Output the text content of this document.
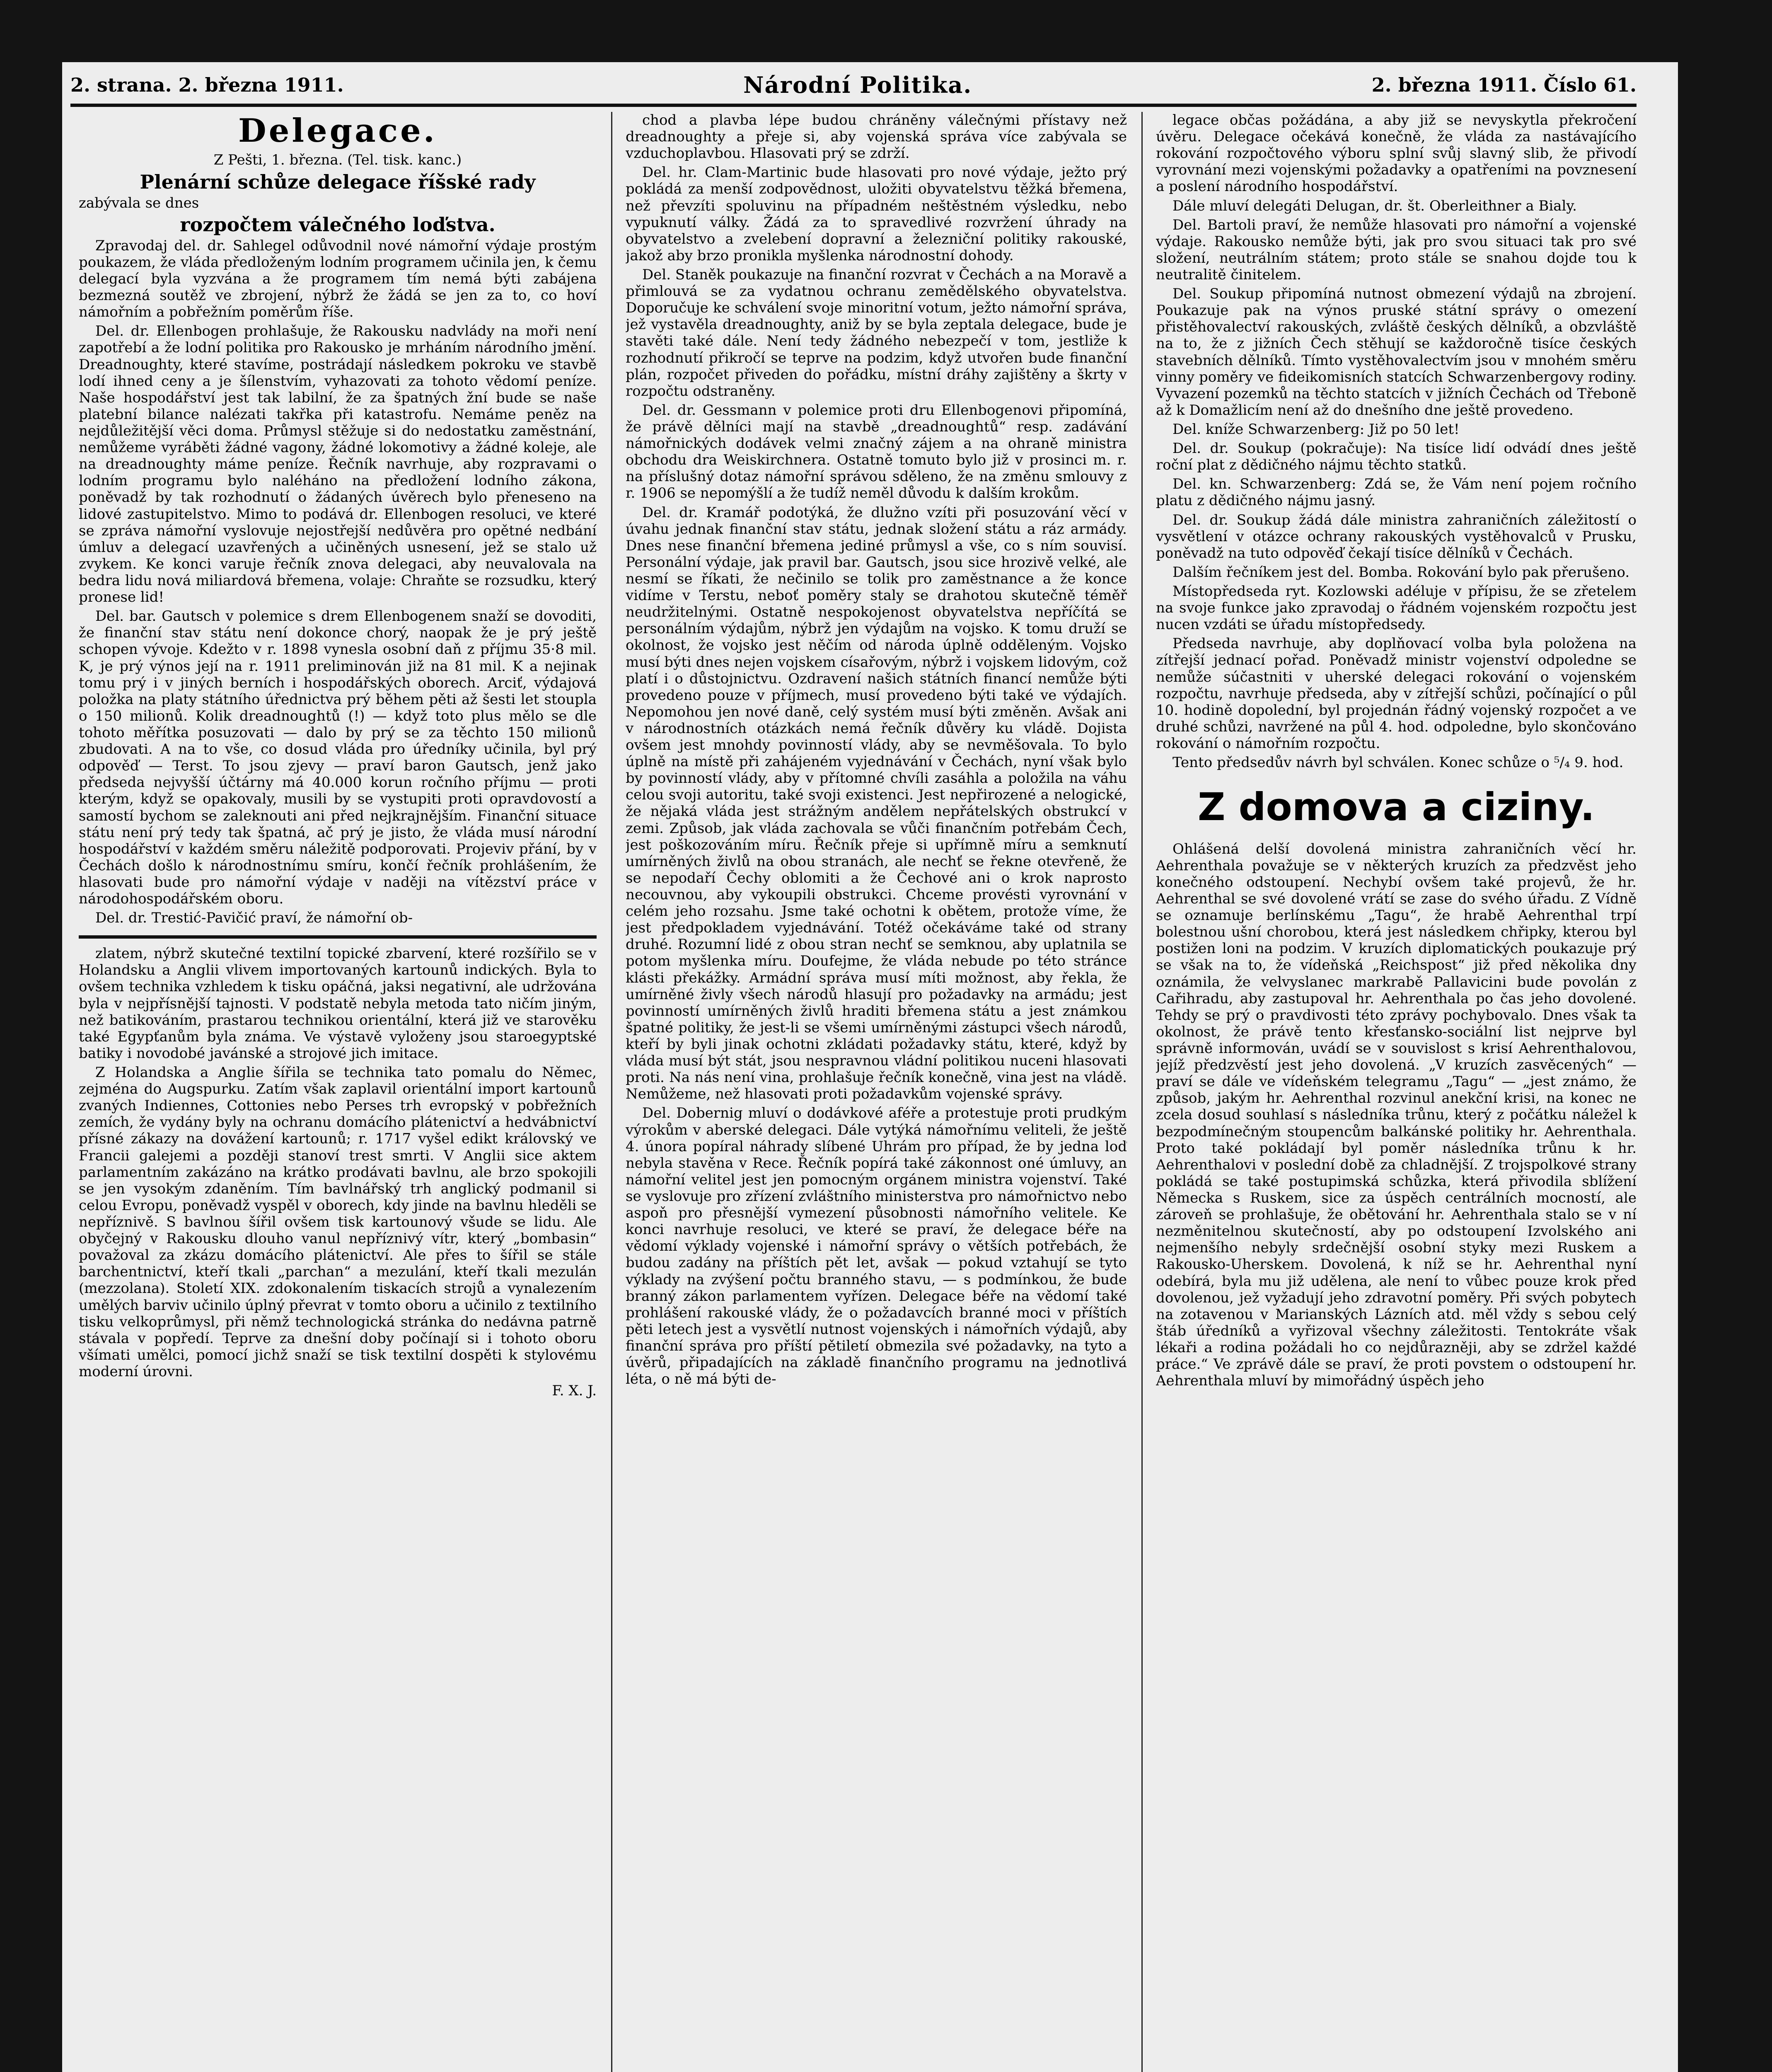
2. strana. 2. března 1911.	Národní Politika.	2. března 1911. Číslo 61.
Delegace.
Z Pešti, 1. března. (Tel. tisk. kanc.)
Plenární schůze delegace říšské rady
zabývala se dnes
rozpočtem válečného loďstva.

Zpravodaj del. dr. Sahlegel odůvodnil nové námořní výdaje prostým poukazem, že vláda předloženým lodním programem učinila jen, k čemu delegací byla vyzvána a že programem tím nemá býti zabájena bezmezná soutěž ve zbrojení, nýbrž že žádá se jen za to, co hoví námořním a pobřežním poměrům říše.

Del. dr. Ellenbogen prohlašuje, že Rakousku nadvlády na moři není zapotřebí a že lodní politika pro Rakousko je mrháním národního jmění. Dreadnoughty, které stavíme, postrádají následkem pokroku ve stavbě lodí ihned ceny a je šílenstvím, vyhazovati za tohoto vědomí peníze. Naše hospodářství jest tak labilní, že za špatných žní bude se naše platební bilance nalézati takřka při katastrofu. Nemáme peněz na nejdůležitější věci doma. Průmysl stěžuje si do nedostatku zaměstnání, nemůžeme vyráběti žádné vagony, žádné lokomotivy a žádné koleje, ale na dreadnoughty máme peníze. Řečník navrhuje, aby rozpravami o lodním programu bylo naléháno na předložení lodního zákona, poněvadž by tak rozhodnutí o žádaných úvěrech bylo přeneseno na lidové zastupitelstvo. Mimo to podává dr. Ellenbogen resoluci, ve které se zpráva námořní vyslovuje nejostřejší nedůvěra pro opětné nedbání úmluv a delegací uzavřených a učiněných usnesení, jež se stalo už zvykem. Ke konci varuje řečník znova delegaci, aby neuvalovala na bedra lidu nová miliardová břemena, volaje: Chraňte se rozsudku, který pronese lid!

Del. bar. Gautsch v polemice s drem Ellenbogenem snaží se dovoditi, že finanční stav státu není dokonce chorý, naopak že je prý ještě schopen vývoje. Kdežto v r. 1898 vynesla osobní daň z příjmu 35·8 mil. K, je prý výnos její na r. 1911 preliminován již na 81 mil. K a nejinak tomu prý i v jiných berních i hospodářských oborech. Arciť, výdajová položka na platy státního úřednictva prý během pěti až šesti let stoupla o 150 milionů. Kolik dreadnoughtů (!) — když toto plus mělo se dle tohoto měřítka posuzovati — dalo by prý se za těchto 150 milionů zbudovati. A na to vše, co dosud vláda pro úředníky učinila, byl prý odpověď — Terst. To jsou zjevy — praví baron Gautsch, jenž jako předseda nejvyšší účtárny má 40.000 korun ročního příjmu — proti kterým, když se opakovaly, musili by se vystupiti proti opravdovostí a samostí bychom se zaleknouti ani před nejkrajnějším. Finanční situace státu není prý tedy tak špatná, ač prý je jisto, že vláda musí národní hospodářství v každém směru náležitě podporovati. Projeviv přání, by v Čechách došlo k národnostnímu smíru, končí řečník prohlášením, že hlasovati bude pro námořní výdaje v naději na vítězství práce v národohospodářském oboru.

Del. dr. Trestić-Pavičić praví, že námořní ob-

zlatem, nýbrž skutečné textilní topické zbarvení, které rozšířilo se v Holandsku a Anglii vlivem importovaných kartounů indických. Byla to ovšem technika vzhledem k tisku opáčná, jaksi negativní, ale udržována byla v nejpřísnější tajnosti. V podstatě nebyla metoda tato ničím jiným, než batikováním, prastarou technikou orientální, která již ve starověku také Egypťanům byla známa. Ve výstavě vyloženy jsou staroegyptské batiky i novodobé javánské a strojové jich imitace.

Z Holandska a Anglie šířila se technika tato pomalu do Němec, zejména do Augspurku. Zatím však zaplavil orientální import kartounů zvaných Indiennes, Cottonies nebo Perses trh evropský v pobřežních zemích, že vydány byly na ochranu domácího plátenictví a hedvábnictví přísné zákazy na dovážení kartounů; r. 1717 vyšel edikt královský ve Francii galejemi a později stanoví trest smrti. V Anglii sice aktem parlamentním zakázáno na krátko prodávati bavlnu, ale brzo spokojili se jen vysokým zdaněním. Tím bavlnářský trh anglický podmanil si celou Evropu, poněvadž vyspěl v oborech, kdy jinde na bavlnu hleděli se nepříznivě. S bavlnou šířil ovšem tisk kartounový všude se lidu. Ale obyčejný v Rakousku dlouho vanul nepříznivý vítr, který „bombasin“ považoval za zkázu domácího plátenictví. Ale přes to šířil se stále barchentnictví, kteří tkali „parchan“ a mezulání, kteří tkali mezulán (mezzolana). Století XIX. zdokonalením tiskacích strojů a vynalezením umělých barviv učinilo úplný převrat v tomto oboru a učinilo z textilního tisku velkoprůmysl, při němž technologická stránka do nedávna patrně stávala v popředí. Teprve za dnešní doby počínají si i tohoto oboru všímati umělci, pomocí jichž snaží se tisk textilní dospěti k stylovému moderní úrovni.

F. X. J.

chod a plavba lépe budou chráněny válečnými přístavy než dreadnoughty a přeje si, aby vojenská správa více zabývala se vzduchoplavbou. Hlasovati prý se zdrží.

Del. hr. Clam-Martinic bude hlasovati pro nové výdaje, ježto prý pokládá za menší zodpovědnost, uložiti obyvatelstvu těžká břemena, než převzíti spoluvinu na případném neštěstném výsledku, nebo vypuknutí války. Žádá za to spravedlivé rozvržení úhrady na obyvatelstvo a zvelebení dopravní a železniční politiky rakouské, jakož aby brzo pronikla myšlenka národnostní dohody.

Del. Staněk poukazuje na finanční rozvrat v Čechách a na Moravě a přimlouvá se za vydatnou ochranu zemědělského obyvatelstva. Doporučuje ke schválení svoje minoritní votum, ježto námořní správa, jež vystavěla dreadnoughty, aniž by se byla zeptala delegace, bude je stavěti také dále. Není tedy žádného nebezpečí v tom, jestliže k rozhodnutí přikročí se teprve na podzim, když utvořen bude finanční plán, rozpočet přiveden do pořádku, místní dráhy zajištěny a škrty v rozpočtu odstraněny.

Del. dr. Gessmann v polemice proti dru Ellenbogenovi připomíná, že právě dělníci mají na stavbě „dreadnoughtů“ resp. zadávání námořnických dodávek velmi značný zájem a na ohraně ministra obchodu dra Weiskirchnera. Ostatně tomuto bylo již v prosinci m. r. na příslušný dotaz námořní správou sděleno, že na změnu smlouvy z r. 1906 se nepomýšlí a že tudíž neměl důvodu k dalším krokům.

Del. dr. Kramář podotýká, že dlužno vzíti při posuzování věcí v úvahu jednak finanční stav státu, jednak složení státu a ráz armády. Dnes nese finanční břemena jediné průmysl a vše, co s ním souvisí. Personální výdaje, jak pravil bar. Gautsch, jsou sice hrozivě velké, ale nesmí se říkati, že nečinilo se tolik pro zaměstnance a že konce vidíme v Terstu, neboť poměry staly se drahotou skutečně téměř neudržitelnými. Ostatně nespokojenost obyvatelstva nepříčítá se personálním výdajům, nýbrž jen výdajům na vojsko. K tomu druží se okolnost, že vojsko jest něčím od národa úplně odděleným. Vojsko musí býti dnes nejen vojskem císařovým, nýbrž i vojskem lidovým, což platí i o důstojnictvu. Ozdravení našich státních financí nemůže býti provedeno pouze v příjmech, musí provedeno býti také ve výdajích. Nepomohou jen nové daně, celý systém musí býti změněn. Avšak ani v národnostních otázkách nemá řečník důvěry ku vládě. Dojista ovšem jest mnohdy povinností vlády, aby se nevměšovala. To bylo úplně na místě při zahájeném vyjednávání v Čechách, nyní však bylo by povinností vlády, aby v přítomné chvíli zasáhla a položila na váhu celou svoji autoritu, také svoji existenci. Jest nepřirozené a nelogické, že nějaká vláda jest strážným andělem nepřátelských obstrukcí v zemi. Způsob, jak vláda zachovala se vůči finančním potřebám Čech, jest poškozováním míru. Řečník přeje si upřímně míru a semknutí umírněných živlů na obou stranách, ale nechť se řekne otevřeně, že se nepodaří Čechy oblomiti a že Čechové ani o krok naprosto necouvnou, aby vykoupili obstrukci. Chceme provésti vyrovnání v celém jeho rozsahu. Jsme také ochotni k obětem, protože víme, že jest předpokladem vyjednávání. Totéž očekáváme také od strany druhé. Rozumní lidé z obou stran nechť se semknou, aby uplatnila se potom myšlenka míru. Doufejme, že vláda nebude po této stránce klásti překážky. Armádní správa musí míti možnost, aby řekla, že umírněné živly všech národů hlasují pro požadavky na armádu; jest povinností umírněných živlů hraditi břemena státu a jest známkou špatné politiky, že jest-li se všemi umírněnými zástupci všech národů, kteří by byli jinak ochotni zkládati požadavky státu, které, když by vláda musí být stát, jsou nespravnou vládní politikou nuceni hlasovati proti. Na nás není vina, prohlašuje řečník konečně, vina jest na vládě. Nemůžeme, než hlasovati proti požadavkům vojenské správy.

Del. Dobernig mluví o dodávkové aféře a protestuje proti prudkým výrokům v aberské delegaci. Dále vytýká námořnímu veliteli, že ještě 4. února popíral náhrady slíbené Uhrám pro případ, že by jedna loď nebyla stavěna v Rece. Řečník popírá také zákonnost oné úmluvy, an námořní velitel jest jen pomocným orgánem ministra vojenství. Také se vyslovuje pro zřízení zvláštního ministerstva pro námořnictvo nebo aspoň pro přesnější vymezení působnosti námořního velitele. Ke konci navrhuje resoluci, ve které se praví, že delegace béře na vědomí výklady vojenské i námořní správy o větších potřebách, že budou zadány na příštích pět let, avšak — pokud vztahují se tyto výklady na zvýšení počtu branného stavu, — s podmínkou, že bude branný zákon parlamentem vyřízen. Delegace béře na vědomí také prohlášení rakouské vlády, že o požadavcích branné moci v příštích pěti letech jest a vysvětlí nutnost vojenských i námořních výdajů, aby finanční správa pro příští pětiletí obmezila své požadavky, na tyto a úvěrů, připadajících na základě finančního programu na jednotlivá léta, o ně má býti de-

legace občas požádána, a aby již se nevyskytla překročení úvěru. Delegace očekává konečně, že vláda za nastávajícího rokování rozpočtového výboru splní svůj slavný slib, že přivodí vyrovnání mezi vojenskými požadavky a opatřeními na povznesení a poslení národního hospodářství.

Dále mluví delegáti Delugan, dr. št. Oberleithner a Bialy.

Del. Bartoli praví, že nemůže hlasovati pro námořní a vojenské výdaje. Rakousko nemůže býti, jak pro svou situaci tak pro své složení, neutrálním státem; proto stále se snahou dojde tou k neutralitě činitelem.

Del. Soukup připomíná nutnost obmezení výdajů na zbrojení. Poukazuje pak na výnos pruské státní správy o omezení přistěhovalectví rakouských, zvláště českých dělníků, a obzvláště na to, že z jižních Čech stěhují se každoročně tisíce českých stavebních dělníků. Tímto vystěhovalectvím jsou v mnohém směru vinny poměry ve fideikomisních statcích Schwarzenbergovy rodiny. Vyvazení pozemků na těchto statcích v jižních Čechách od Třeboně až k Domažlicím není až do dnešního dne ještě provedeno.

Del. kníže Schwarzenberg: Již po 50 let!

Del. dr. Soukup (pokračuje): Na tisíce lidí odvádí dnes ještě roční plat z dědičného nájmu těchto statků.

Del. kn. Schwarzenberg: Zdá se, že Vám není pojem ročního platu z dědičného nájmu jasný.

Del. dr. Soukup žádá dále ministra zahraničních záležitostí o vysvětlení v otázce ochrany rakouských vystěhovalců v Prusku, poněvadž na tuto odpověď čekají tisíce dělníků v Čechách.

Dalším řečníkem jest del. Bomba. Rokování bylo pak přerušeno.

Místopředseda ryt. Kozlowski adéluje v přípisu, že se zřetelem na svoje funkce jako zpravodaj o řádném vojenském rozpočtu jest nucen vzdáti se úřadu místopředsedy.

Předseda navrhuje, aby doplňovací volba byla položena na zítřejší jednací pořad. Poněvadž ministr vojenství odpoledne se nemůže súčastniti v uherské delegaci rokování o vojenském rozpočtu, navrhuje předseda, aby v zítřejší schůzi, počínající o půl 10. hodině dopolední, byl projednán řádný vojenský rozpočet a ve druhé schůzi, navržené na půl 4. hod. odpoledne, bylo skončováno rokování o námořním rozpočtu.

Tento předsedův návrh byl schválen. Konec schůze o ⁵/₄ 9. hod.

Z domova a ciziny.

Ohlášená delší dovolená ministra zahraničních věcí hr. Aehrenthala považuje se v některých kruzích za předzvěst jeho konečného odstoupení. Nechybí ovšem také projevů, že hr. Aehrenthal se své dovolené vrátí se zase do svého úřadu. Z Vídně se oznamuje berlínskému „Tagu“, že hrabě Aehrenthal trpí bolestnou ušní chorobou, která jest následkem chřipky, kterou byl postižen loni na podzim. V kruzích diplomatických poukazuje prý se však na to, že vídeňská „Reichspost“ již před několika dny oznámila, že velvyslanec markrabě Pallavicini bude povolán z Cařihradu, aby zastupoval hr. Aehrenthala po čas jeho dovolené. Tehdy se prý o pravdivosti této zprávy pochybovalo. Dnes však ta okolnost, že právě tento křesťansko-sociální list nejprve byl správně informován, uvádí se v souvislost s krisí Aehrenthalovou, jejíž předzvěstí jest jeho dovolená. „V kruzích zasvěcených“ — praví se dále ve vídeňském telegramu „Tagu“ — „jest známo, že způsob, jakým hr. Aehrenthal rozvinul anekční krisi, na konec ne zcela dosud souhlasí s následníka trůnu, který z počátku náležel k bezpodmínečným stoupencům balkánské politiky hr. Aehrenthala. Proto také pokládají byl poměr následníka trůnu k hr. Aehrenthalovi v poslední době za chladnější. Z trojspolkové strany pokládá se také postupimská schůzka, která přivodila sblížení Německa s Ruskem, sice za úspěch centrálních mocností, ale zároveň se prohlašuje, že obětování hr. Aehrenthala stalo se v ní nezměnitelnou skutečností, aby po odstoupení Izvolského ani nejmenšího nebyly srdečnější osobní styky mezi Ruskem a Rakousko-Uherskem. Dovolená, k níž se hr. Aehrenthal nyní odebírá, byla mu již udělena, ale není to vůbec pouze krok před dovolenou, jež vyžadují jeho zdravotní poměry. Při svých pobytech na zotavenou v Marianských Lázních atd. měl vždy s sebou celý štáb úředníků a vyřizoval všechny záležitosti. Tentokráte však lékaři a rodina požádali ho co nejdůrazněji, aby se zdržel každé práce.“ Ve zprávě dále se praví, že proti povstem o odstoupení hr. Aehrenthala mluví by mimořádný úspěch jeho
